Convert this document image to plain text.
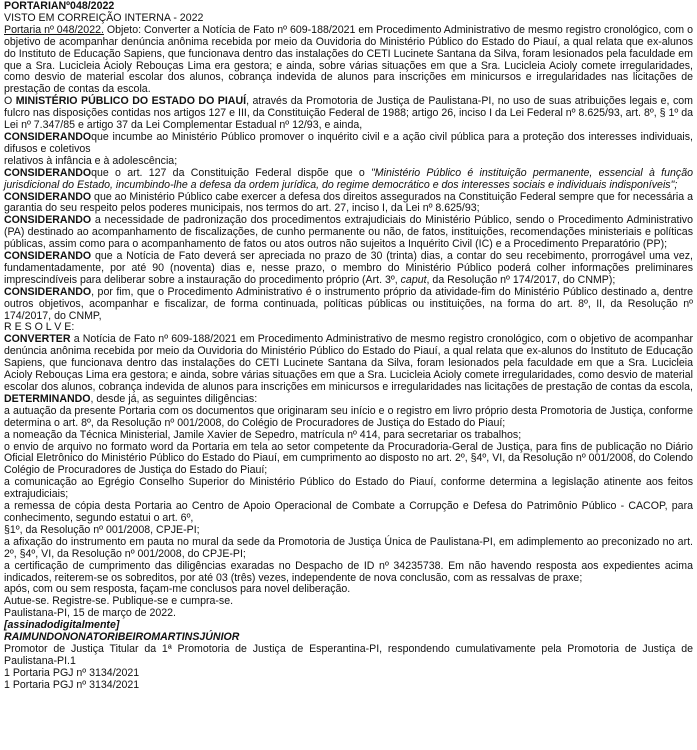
PORTARIANº048/2022

VISTO EM CORREIÇÃO INTERNA - 2022

Portaria nº 048/2022. Objeto: Converter a Notícia de Fato nº 609-188/2021 em Procedimento Administrativo de mesmo registro cronológico, com o objetivo de acompanhar denúncia anônima recebida por meio da Ouvidoria do Ministério Público do Estado do Piauí, a qual relata que ex-alunos do Instituto de Educação Sapiens, que funcionava dentro das instalações do CETI Lucinete Santana da Silva, foram lesionados pela faculdade em que a Sra. Lucicleia Acioly Rebouças Lima era gestora; e ainda, sobre várias situações em que a Sra. Lucicleia Acioly comete irregularidades, como desvio de material escolar dos alunos, cobrança indevida de alunos para inscrições em minicursos e irregularidades nas licitações de prestação de contas da escola.

O MINISTÉRIO PÚBLICO DO ESTADO DO PIAUÍ, através da Promotoria de Justiça de Paulistana-PI, no uso de suas atribuições legais e, com fulcro nas disposições contidas nos artigos 127 e III, da Constituição Federal de 1988; artigo 26, inciso I da Lei Federal nº 8.625/93, art. 8º, § 1º da Lei nº 7.347/85 e artigo 37 da Lei Complementar Estadual nº 12/93, e ainda,

CONSIDERANDOque incumbe ao Ministério Público promover o inquérito civil e a ação civil pública para a proteção dos interesses individuais, difusos e coletivos

relativos à infância e à adolescência;

CONSIDERANDOque o art. 127 da Constituição Federal dispõe que o "Ministério Público é instituição permanente, essencial à função jurisdicional do Estado, incumbindo-lhe a defesa da ordem jurídica, do regime democrático e dos interesses sociais e individuais indisponíveis";

CONSIDERANDO que ao Ministério Público cabe exercer a defesa dos direitos assegurados na Constituição Federal sempre que for necessária a garantia do seu respeito pelos poderes municipais, nos termos do art. 27, inciso I, da Lei nº 8.625/93;

CONSIDERANDO a necessidade de padronização dos procedimentos extrajudiciais do Ministério Público, sendo o Procedimento Administrativo (PA) destinado ao acompanhamento de fiscalizações, de cunho permanente ou não, de fatos, instituições, recomendações ministeriais e políticas públicas, assim como para o acompanhamento de fatos ou atos outros não sujeitos a Inquérito Civil (IC) e a Procedimento Preparatório (PP);

CONSIDERANDO que a Notícia de Fato deverá ser apreciada no prazo de 30 (trinta) dias, a contar do seu recebimento, prorrogável uma vez, fundamentadamente, por até 90 (noventa) dias e, nesse prazo, o membro do Ministério Público poderá colher informações preliminares imprescindíveis para deliberar sobre a instauração do procedimento próprio (Art. 3º, caput, da Resolução nº 174/2017, do CNMP);

CONSIDERANDO, por fim, que o Procedimento Administrativo é o instrumento próprio da atividade-fim do Ministério Público destinado a, dentre outros objetivos, acompanhar e fiscalizar, de forma continuada, políticas públicas ou instituições, na forma do art. 8º, II, da Resolução nº 174/2017, do CNMP,

R E S O L V E:

CONVERTER a Notícia de Fato nº 609-188/2021 em Procedimento Administrativo de mesmo registro cronológico, com o objetivo de acompanhar denúncia anônima recebida por meio da Ouvidoria do Ministério Público do Estado do Piauí, a qual relata que ex-alunos do Instituto de Educação Sapiens, que funcionava dentro das instalações do CETI Lucinete Santana da Silva, foram lesionados pela faculdade em que a Sra. Lucicleia Acioly Rebouças Lima era gestora; e ainda, sobre várias situações em que a Sra. Lucicleia Acioly comete irregularidades, como desvio de material escolar dos alunos, cobrança indevida de alunos para inscrições em minicursos e irregularidades nas licitações de prestação de contas da escola, DETERMINANDO, desde já, as seguintes diligências:

a autuação da presente Portaria com os documentos que originaram seu início e o registro em livro próprio desta Promotoria de Justiça, conforme determina o art. 8º, da Resolução nº 001/2008, do Colégio de Procuradores de Justiça do Estado do Piauí;

a nomeação da Técnica Ministerial, Jamile Xavier de Sepedro, matrícula nº 414, para secretariar os trabalhos;

o envio de arquivo no formato word da Portaria em tela ao setor competente da Procuradoria-Geral de Justiça, para fins de publicação no Diário Oficial Eletrônico do Ministério Público do Estado do Piauí, em cumprimento ao disposto no art. 2º, §4º, VI, da Resolução nº 001/2008, do Colendo Colégio de Procuradores de Justiça do Estado do Piauí;

a comunicação ao Egrégio Conselho Superior do Ministério Público do Estado do Piauí, conforme determina a legislação atinente aos feitos extrajudiciais;

a remessa de cópia desta Portaria ao Centro de Apoio Operacional de Combate a Corrupção e Defesa do Patrimônio Público - CACOP, para conhecimento, segundo estatui o art. 6º,

§1º, da Resolução nº 001/2008, CPJE-PI;

a afixação do instrumento em pauta no mural da sede da Promotoria de Justiça Única de Paulistana-PI, em adimplemento ao preconizado no art. 2º, §4º, VI, da Resolução nº 001/2008, do CPJE-PI;

a certificação de cumprimento das diligências exaradas no Despacho de ID nº 34235738. Em não havendo resposta aos expedientes acima indicados, reiterem-se os sobreditos, por até 03 (três) vezes, independente de nova conclusão, com as ressalvas de praxe;

após, com ou sem resposta, façam-me conclusos para novel deliberação.

Autue-se. Registre-se. Publique-se e cumpra-se.

Paulistana-PI, 15 de março de 2022.

[assinadodigitalmente]

RAIMUNDONONATORIBEIROMARTINSJÚNIOR

Promotor de Justiça Titular da 1ª Promotoria de Justiça de Esperantina-PI, respondendo cumulativamente pela Promotoria de Justiça de Paulistana-PI.1

1 Portaria PGJ nº 3134/2021

1 Portaria PGJ nº 3134/2021
